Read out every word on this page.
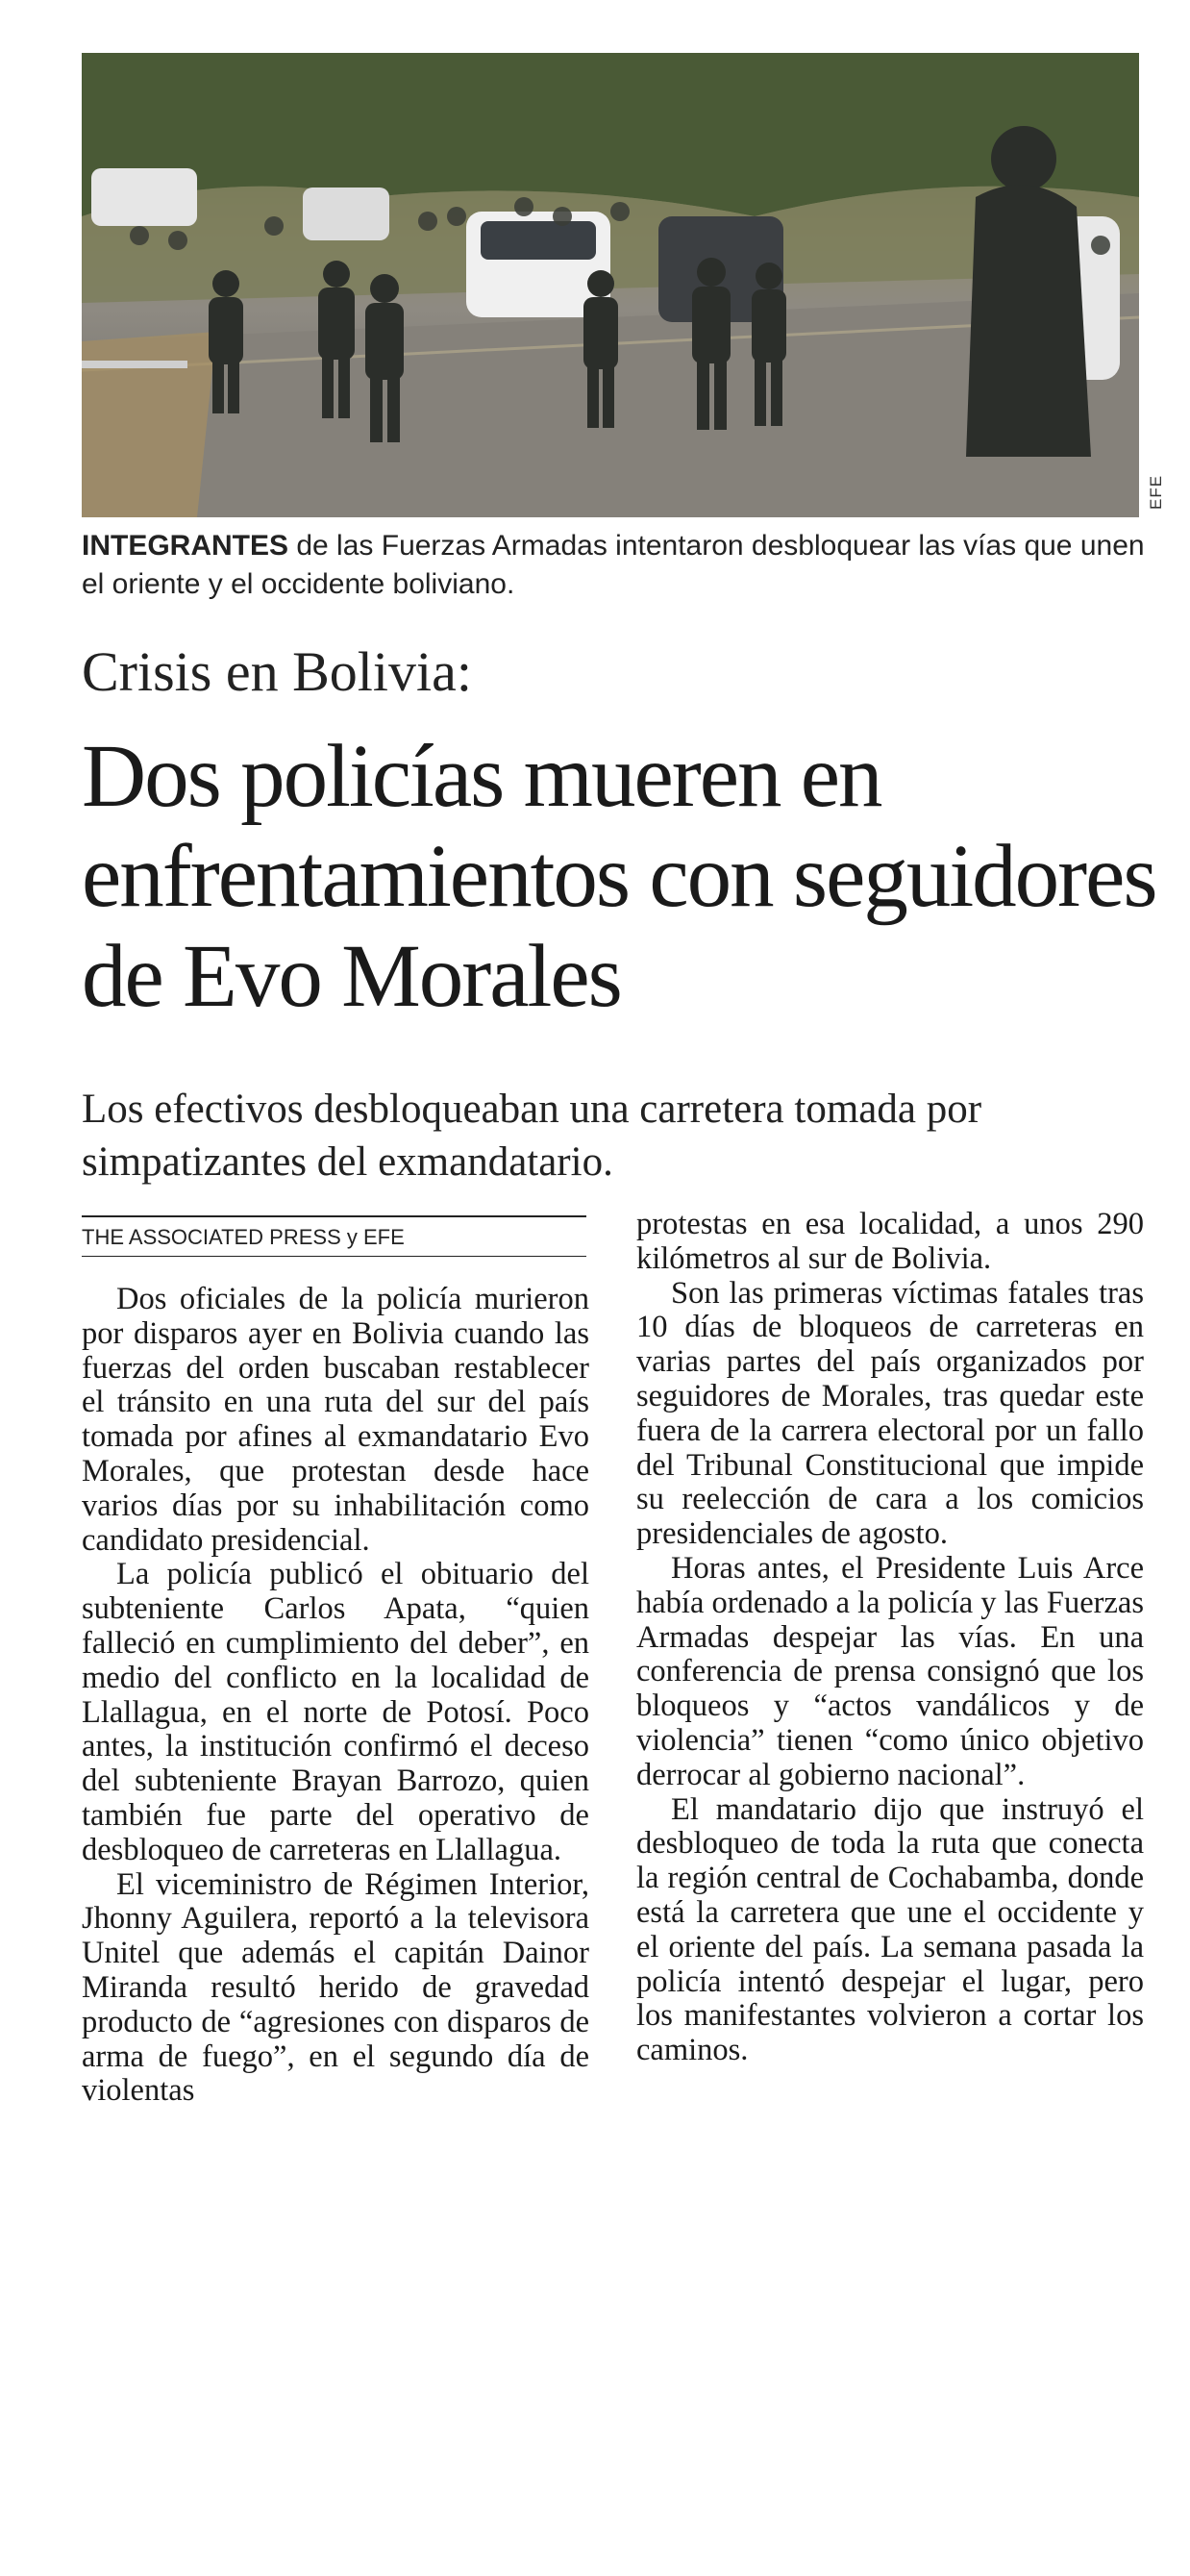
EFE
INTEGRANTES de las Fuerzas Armadas intentaron desbloquear las vías que unen el oriente y el occidente boliviano.
Crisis en Bolivia:
Dos policías mueren en enfrentamientos con seguidores de Evo Morales
Los efectivos desbloqueaban una carretera tomada por simpatizantes del exmandatario.
THE ASSOCIATED PRESS y EFE

Dos oficiales de la policía murieron por disparos ayer en Bolivia cuando las fuerzas del orden buscaban restablecer el tránsito en una ruta del sur del país tomada por afines al exmandatario Evo Morales, que protestan desde hace varios días por su inhabilitación como candidato presidencial.

La policía publicó el obituario del subteniente Carlos Apata, “quien falleció en cumplimiento del deber”, en medio del conflicto en la localidad de Llallagua, en el norte de Potosí. Poco antes, la institución confirmó el deceso del subteniente Brayan Barrozo, quien también fue parte del operativo de desbloqueo de carreteras en Llallagua.

El viceministro de Régimen Interior, Jhonny Aguilera, reportó a la televisora Unitel que además el capitán Dainor Miranda resultó herido de gravedad producto de “agresiones con disparos de arma de fuego”, en el segundo día de violentas

protestas en esa localidad, a unos 290 kilómetros al sur de Bolivia.

Son las primeras víctimas fatales tras 10 días de bloqueos de carreteras en varias partes del país organizados por seguidores de Morales, tras quedar este fuera de la carrera electoral por un fallo del Tribunal Constitucional que impide su reelección de cara a los comicios presidenciales de agosto.

Horas antes, el Presidente Luis Arce había ordenado a la policía y las Fuerzas Armadas despejar las vías. En una conferencia de prensa consignó que los bloqueos y “actos vandálicos y de violencia” tienen “como único objetivo derrocar al gobierno nacional”.

El mandatario dijo que instruyó el desbloqueo de toda la ruta que conecta la región central de Cochabamba, donde está la carretera que une el occidente y el oriente del país. La semana pasada la policía intentó despejar el lugar, pero los manifestantes volvieron a cortar los caminos.
